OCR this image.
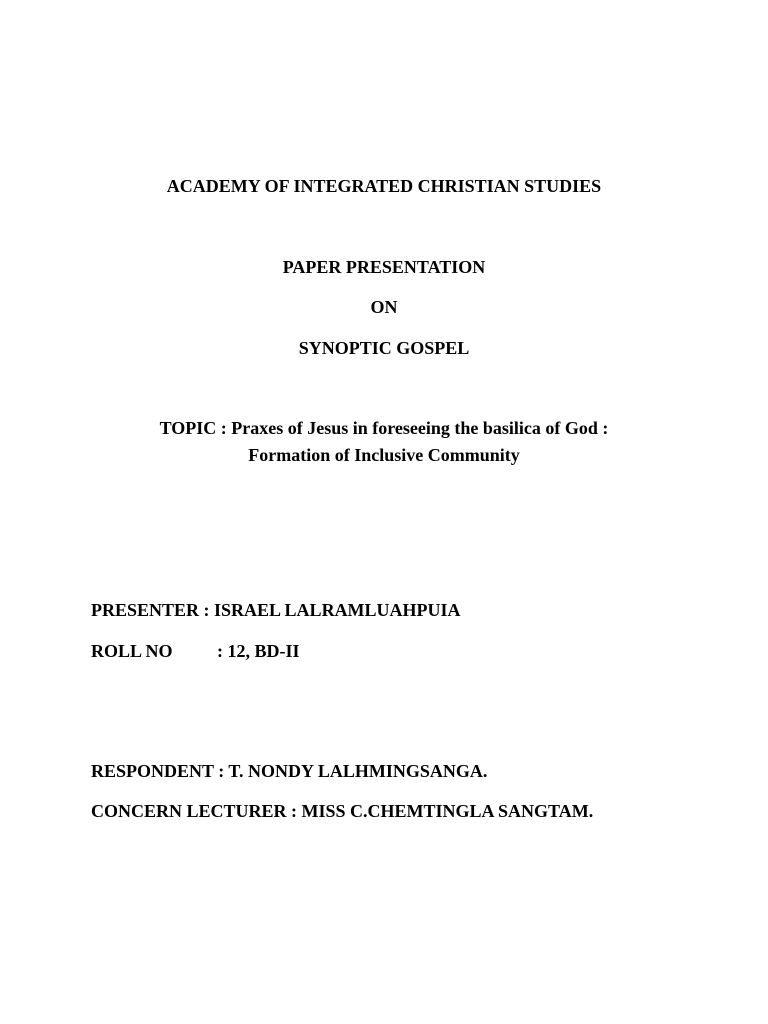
ACADEMY OF INTEGRATED CHRISTIAN STUDIES
PAPER PRESENTATION
ON
SYNOPTIC GOSPEL
TOPIC : Praxes of Jesus in foreseeing the basilica of God :
Formation of Inclusive Community
PRESENTER : ISRAEL LALRAMLUAHPUIA
ROLL NO : 12, BD-II
RESPONDENT : T. NONDY LALHMINGSANGA.
CONCERN LECTURER : MISS C.CHEMTINGLA SANGTAM.
